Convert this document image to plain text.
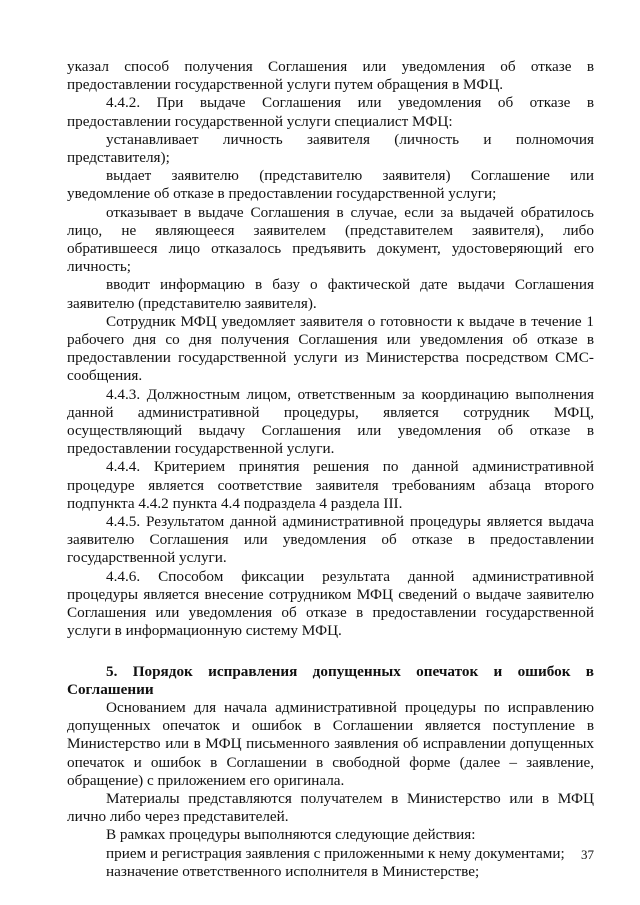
указал способ получения Соглашения или уведомления об отказе в предоставлении государственной услуги путем обращения в МФЦ.

4.4.2. При выдаче Соглашения или уведомления об отказе в предоставлении государственной услуги специалист МФЦ:

устанавливает личность заявителя (личность и полномочия представителя);

выдает заявителю (представителю заявителя) Соглашение или уведомление об отказе в предоставлении государственной услуги;

отказывает в выдаче Соглашения в случае, если за выдачей обратилось лицо, не являющееся заявителем (представителем заявителя), либо обратившееся лицо отказалось предъявить документ, удостоверяющий его личность;

вводит информацию в базу о фактической дате выдачи Соглашения заявителю (представителю заявителя).

Сотрудник МФЦ уведомляет заявителя о готовности к выдаче в течение 1 рабочего дня со дня получения Соглашения или уведомления об отказе в предоставлении государственной услуги из Министерства посредством СМС-сообщения.

4.4.3. Должностным лицом, ответственным за координацию выполнения данной административной процедуры, является сотрудник МФЦ, осуществляющий выдачу Соглашения или уведомления об отказе в предоставлении государственной услуги.

4.4.4. Критерием принятия решения по данной административной процедуре является соответствие заявителя требованиям абзаца второго подпункта 4.4.2 пункта 4.4 подраздела 4 раздела III.

4.4.5. Результатом данной административной процедуры является выдача заявителю Соглашения или уведомления об отказе в предоставлении государственной услуги.

4.4.6. Способом фиксации результата данной административной процедуры является внесение сотрудником МФЦ сведений о выдаче заявителю Соглашения или уведомления об отказе в предоставлении государственной услуги в информационную систему МФЦ.

5. Порядок исправления допущенных опечаток и ошибок в Соглашении

Основанием для начала административной процедуры по исправлению допущенных опечаток и ошибок в Соглашении является поступление в Министерство или в МФЦ письменного заявления об исправлении допущенных опечаток и ошибок в Соглашении в свободной форме (далее – заявление, обращение) с приложением его оригинала.

Материалы представляются получателем в Министерство или в МФЦ лично либо через представителей.

В рамках процедуры выполняются следующие действия:

прием и регистрация заявления с приложенными к нему документами;

назначение ответственного исполнителя в Министерстве;

37
